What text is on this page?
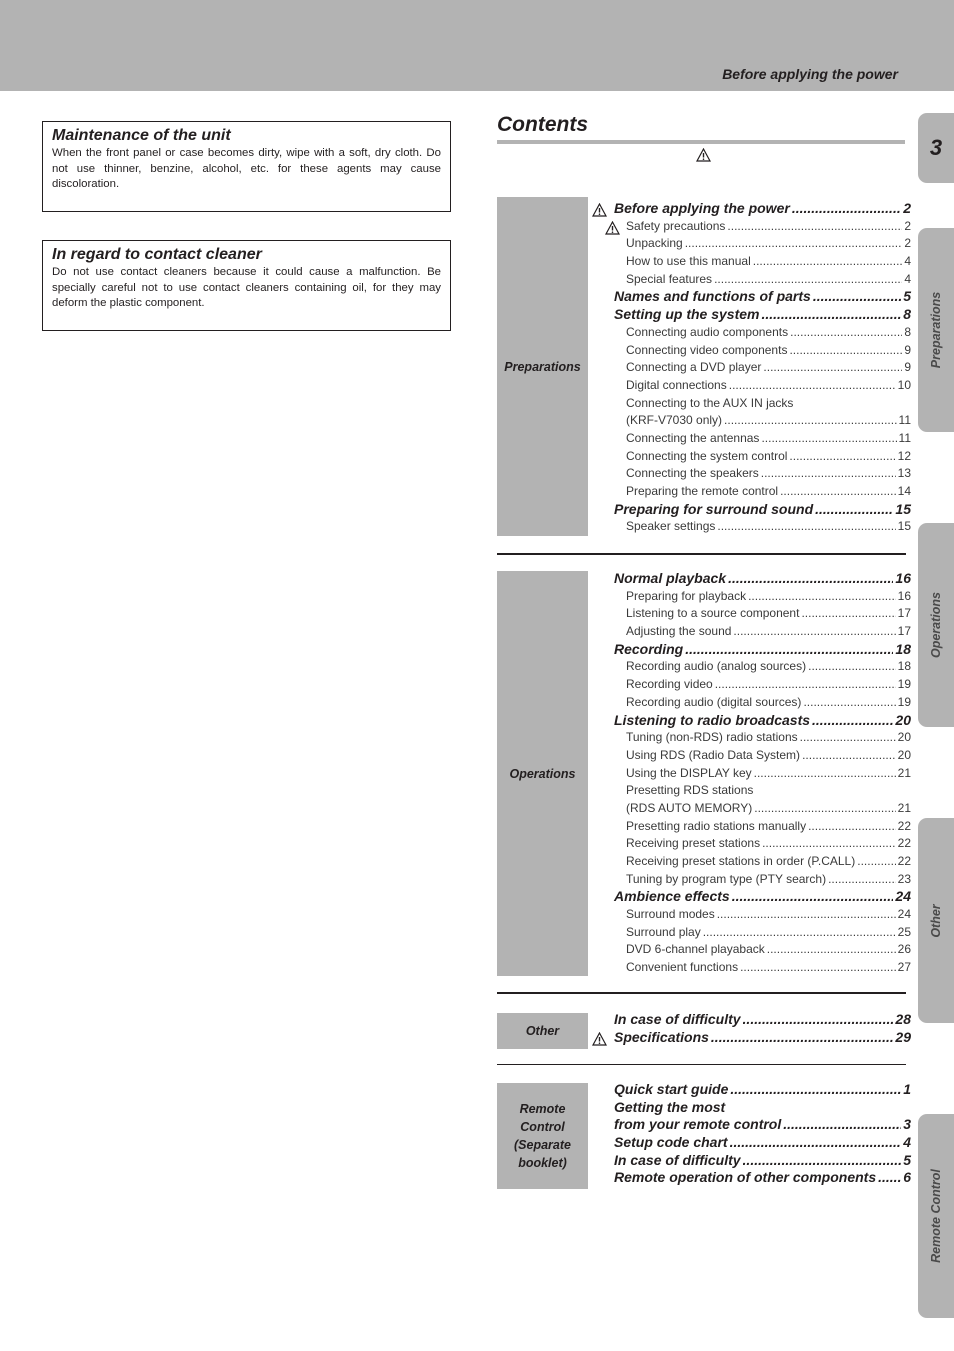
Before applying the power
Maintenance of the unit

When the front panel or case becomes dirty, wipe with a soft, dry cloth. Do not use thinner, benzine, alcohol, etc. for these agents may cause discoloration.

In regard to contact cleaner

Do not use contact cleaners because it could cause a malfunction. Be specially careful not to use contact cleaners containing oil, for they may deform the plastic component.

Contents
Preparations
Operations
Other
Remote Control (Separate booklet)
Before applying the power .....	2
Safety precautions .....	2
Unpacking .....	2
How to use this manual .....	4
Special features .....	4
Names and functions of parts .....	5
Setting up the system .....	8
Connecting audio components .....	8
Connecting video components .....	9
Connecting a DVD player .....	9
Digital connections .....	10
Connecting to the AUX IN jacks
(KRF-V7030 only) .....	11
Connecting the antennas .....	11
Connecting the system control .....	12
Connecting the speakers .....	13
Preparing the remote control .....	14
Preparing for surround sound .....	15
Speaker settings .....	15
Normal playback .....	16
Preparing for playback .....	16
Listening to a source component .....	17
Adjusting the sound .....	17
Recording .....	18
Recording audio (analog sources) .....	18
Recording video .....	19
Recording audio (digital sources) .....	19
Listening to radio broadcasts .....	20
Tuning (non-RDS) radio stations .....	20
Using RDS (Radio Data System) .....	20
Using the DISPLAY key .....	21
Presetting RDS stations
(RDS AUTO MEMORY) .....	21
Presetting radio stations manually .....	22
Receiving preset stations .....	22
Receiving preset stations in order (P.CALL) .....	22
Tuning by program type (PTY search) .....	23
Ambience effects .....	24
Surround modes .....	24
Surround play .....	25
DVD 6-channel playaback .....	26
Convenient functions .....	27
In case of difficulty .....	28
Specifications .....	29
Quick start guide .....	1
Getting the most
from your remote control .....	3
Setup code chart .....	4
In case of difficulty .....	5
Remote operation of other components ..... 6
3
Preparations
Operations
Other
Remote Control
